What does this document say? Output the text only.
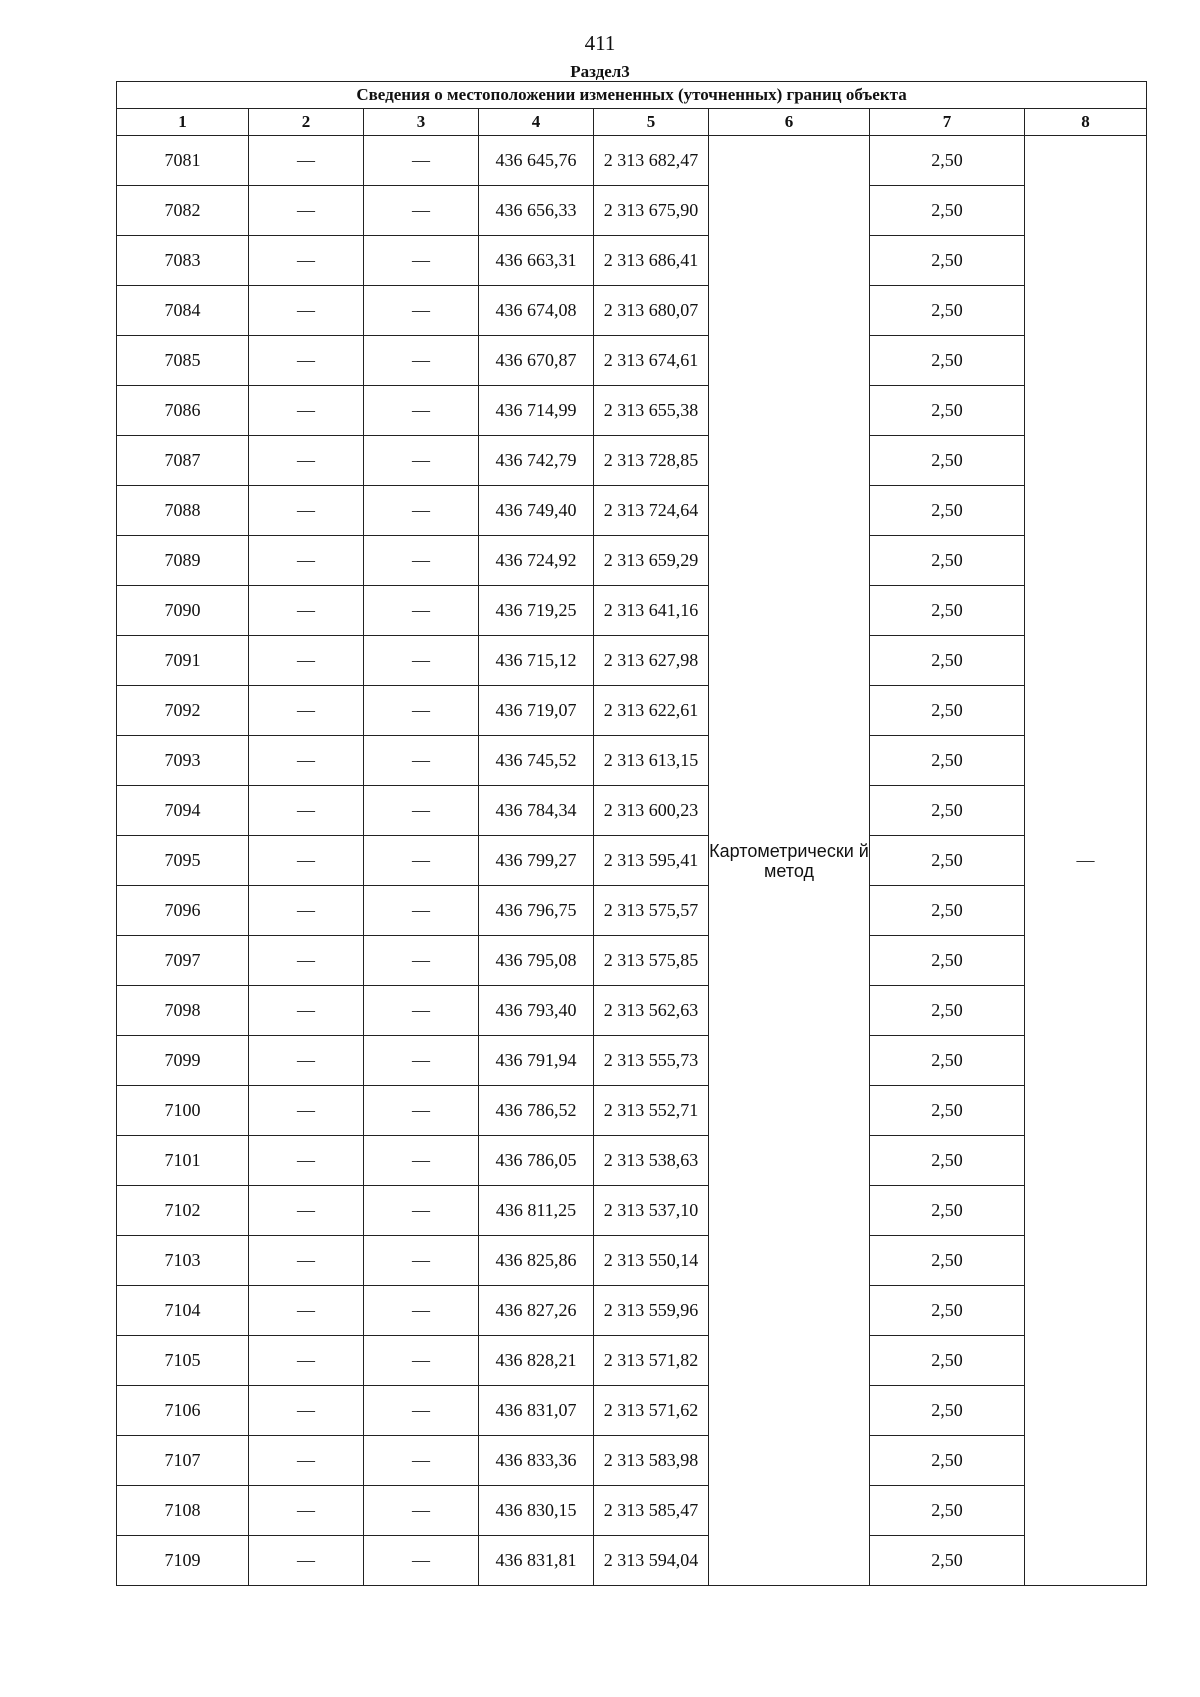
411
Раздел3
Сведения о местоположении измененных (уточненных) границ объекта							
1	2	3	4	5	6	7	8
7081	—	—	436 645,76	2 313 682,47	Картометрически й метод	2,50	—
7082	—	—	436 656,33	2 313 675,90		2,50	
7083	—	—	436 663,31	2 313 686,41		2,50	
7084	—	—	436 674,08	2 313 680,07		2,50	
7085	—	—	436 670,87	2 313 674,61		2,50	
7086	—	—	436 714,99	2 313 655,38		2,50	
7087	—	—	436 742,79	2 313 728,85		2,50	
7088	—	—	436 749,40	2 313 724,64		2,50	
7089	—	—	436 724,92	2 313 659,29		2,50	
7090	—	—	436 719,25	2 313 641,16		2,50	
7091	—	—	436 715,12	2 313 627,98		2,50	
7092	—	—	436 719,07	2 313 622,61		2,50	
7093	—	—	436 745,52	2 313 613,15		2,50	
7094	—	—	436 784,34	2 313 600,23		2,50	
7095	—	—	436 799,27	2 313 595,41		2,50	
7096	—	—	436 796,75	2 313 575,57		2,50	
7097	—	—	436 795,08	2 313 575,85		2,50	
7098	—	—	436 793,40	2 313 562,63		2,50	
7099	—	—	436 791,94	2 313 555,73		2,50	
7100	—	—	436 786,52	2 313 552,71		2,50	
7101	—	—	436 786,05	2 313 538,63		2,50	
7102	—	—	436 811,25	2 313 537,10		2,50	
7103	—	—	436 825,86	2 313 550,14		2,50	
7104	—	—	436 827,26	2 313 559,96		2,50	
7105	—	—	436 828,21	2 313 571,82		2,50	
7106	—	—	436 831,07	2 313 571,62		2,50	
7107	—	—	436 833,36	2 313 583,98		2,50	
7108	—	—	436 830,15	2 313 585,47		2,50	
7109	—	—	436 831,81	2 313 594,04		2,50	
